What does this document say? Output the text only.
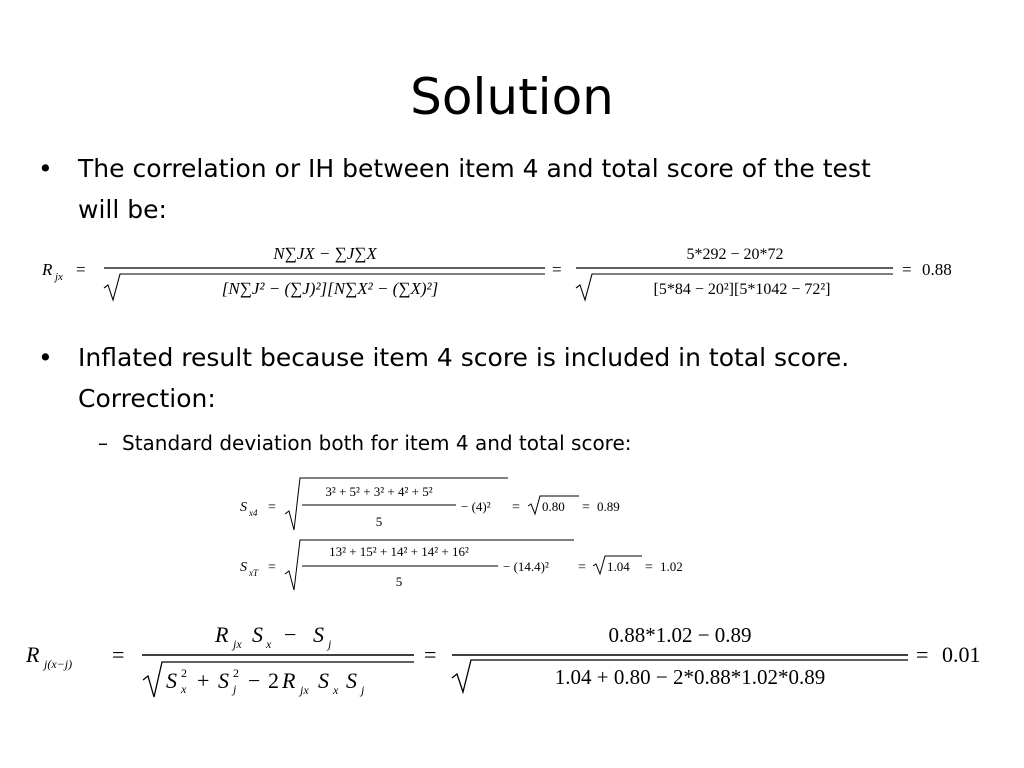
Solution
• The correlation or IH between item 4 and total score of the test
will be:
R jx =
N∑JX − ∑J∑X
[N∑J² − (∑J)²][N∑X² − (∑X)²]
=
5*292 − 20*72
[5*84 − 20²][5*1042 − 72²]
= 0.88
• Inflated result because item 4 score is included in total score.
Correction:
– Standard deviation both for item 4 and total score:
S x4 =
3² + 5² + 3² + 4² + 5²
5
− (4)² = 0.80 = 0.89
S xT =
13² + 15² + 14² + 14² + 16²
5
− (14.4)² = 1.04 = 1.02
R j(x−j) =
R jx S x − S j
S 2
x + S 2
j − 2 R jx S x S j
=
0.88*1.02 − 0.89
1.04 + 0.80 − 2*0.88*1.02*0.89
= 0.01
